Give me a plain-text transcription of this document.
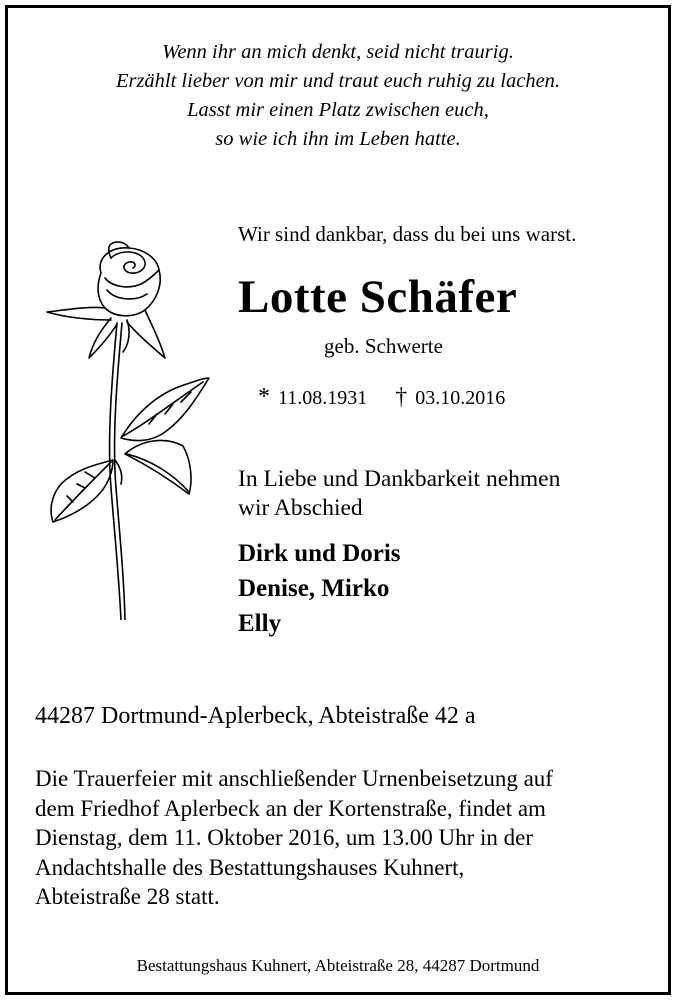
Wenn ihr an mich denkt, seid nicht traurig.
Erzählt lieber von mir und traut euch ruhig zu lachen.
Lasst mir einen Platz zwischen euch,
so wie ich ihn im Leben hatte.
Wir sind dankbar, dass du bei uns warst.
Lotte Schäfer
geb. Schwerte
* 11.08.1931 † 03.10.2016
In Liebe und Dankbarkeit nehmen
wir Abschied
Dirk und Doris
Denise, Mirko
Elly
44287 Dortmund-Aplerbeck, Abteistraße 42 a
Die Trauerfeier mit anschließender Urnenbeisetzung auf
dem Friedhof Aplerbeck an der Kortenstraße, findet am
Dienstag, dem 11. Oktober 2016, um 13.00 Uhr in der
Andachtshalle des Bestattungshauses Kuhnert,
Abteistraße 28 statt.
Bestattungshaus Kuhnert, Abteistraße 28, 44287 Dortmund
